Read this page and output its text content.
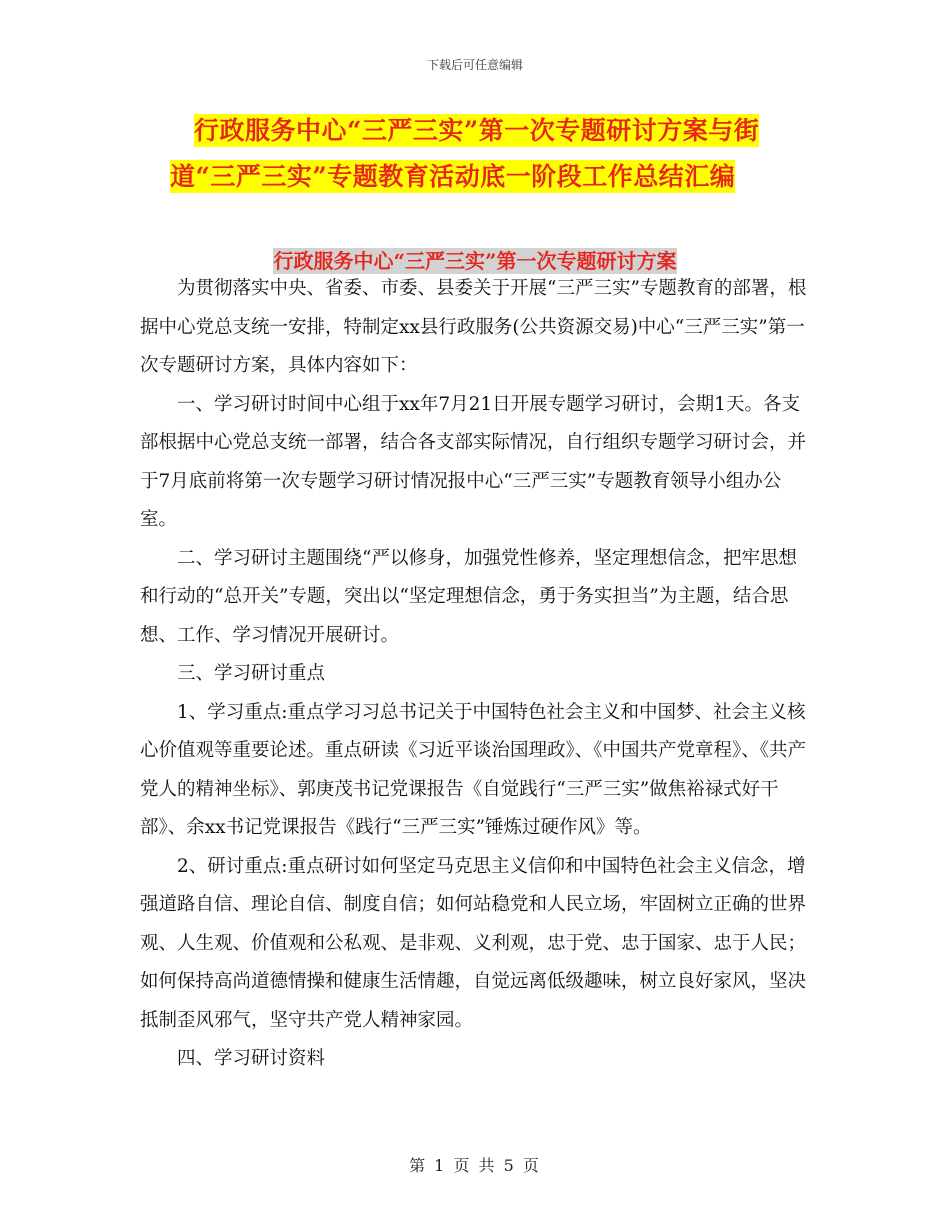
下载后可任意编辑
行政服务中心“三严三实”第一次专题研讨方案与街
道“三严三实”专题教育活动底一阶段工作总结汇编
行政服务中心“三严三实”第一次专题研讨方案

为贯彻落实中央、省委、市委、县委关于开展“三严三实”专题教育的部署，根据中心党总支统一安排，特制定xx县行政服务(公共资源交易)中心“三严三实”第一次专题研讨方案，具体内容如下：

一、学习研讨时间中心组于xx年7月21日开展专题学习研讨，会期1天。各支部根据中心党总支统一部署，结合各支部实际情况，自行组织专题学习研讨会，并于7月底前将第一次专题学习研讨情况报中心“三严三实”专题教育领导小组办公室。

二、学习研讨主题围绕“严以修身，加强党性修养，坚定理想信念，把牢思想和行动的“总开关”专题，突出以“坚定理想信念，勇于务实担当”为主题，结合思想、工作、学习情况开展研讨。

三、学习研讨重点

1、学习重点:重点学习习总书记关于中国特色社会主义和中国梦、社会主义核心价值观等重要论述。重点研读《习近平谈治国理政》、《中国共产党章程》、《共产党人的精神坐标》、郭庚茂书记党课报告《自觉践行“三严三实”做焦裕禄式好干部》、余xx书记党课报告《践行“三严三实”锤炼过硬作风》等。

2、研讨重点:重点研讨如何坚定马克思主义信仰和中国特色社会主义信念，增强道路自信、理论自信、制度自信；如何站稳党和人民立场，牢固树立正确的世界观、人生观、价值观和公私观、是非观、义利观，忠于党、忠于国家、忠于人民；如何保持高尚道德情操和健康生活情趣，自觉远离低级趣味，树立良好家风，坚决抵制歪风邪气，坚守共产党人精神家园。

四、学习研讨资料

第 1 页 共 5 页
